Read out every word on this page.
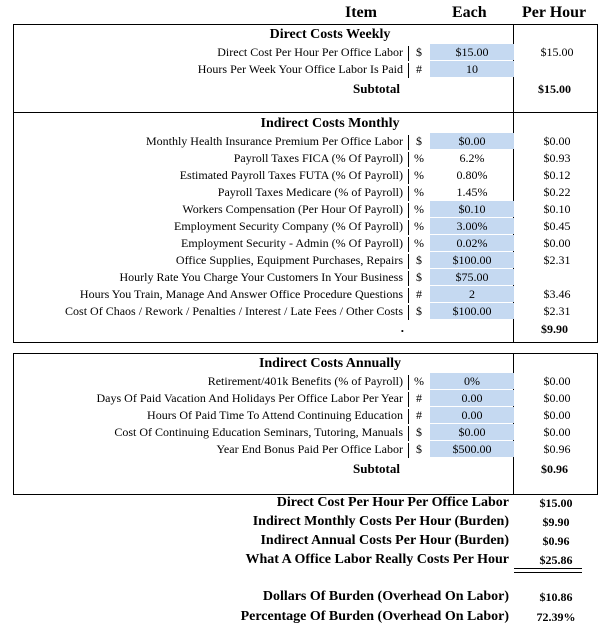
Item	Each Per Hour
Direct Costs Weekly
Direct Cost Per Hour Per Office Labor	$	$15.00	$15.00
Hours Per Week Your Office Labor Is Paid	#	10
Subtotal	$15.00
Indirect Costs Monthly
Monthly Health Insurance Premium Per Office Labor	$	$0.00	$0.00
Payroll Taxes FICA (% Of Payroll) %	6.2%	$0.93
Estimated Payroll Taxes FUTA (% Of Payroll) %	0.80%	$0.12
Payroll Taxes Medicare (% of Payroll) %	1.45%	$0.22
Workers Compensation (Per Hour Of Payroll) %	$0.10	$0.10
Employment Security Company (% Of Payroll) %	3.00%	$0.45
Employment Security - Admin (% Of Payroll) %	0.02%	$0.00
Office Supplies, Equipment Purchases, Repairs	$	$100.00	$2.31
Hourly Rate You Charge Your Customers In Your Business	$	$75.00
Hours You Train, Manage And Answer Office Procedure Questions	#	2	$3.46
Cost Of Chaos / Rework / Penalties / Interest / Late Fees / Other Costs	$	$100.00	$2.31
.	$9.90
Indirect Costs Annually
Retirement/401k Benefits (% of Payroll) %	0%	$0.00
Days Of Paid Vacation And Holidays Per Office Labor Per Year	#	0.00	$0.00
Hours Of Paid Time To Attend Continuing Education	#	0.00	$0.00
Cost Of Continuing Education Seminars, Tutoring, Manuals	$	$0.00	$0.00
Year End Bonus Paid Per Office Labor	$	$500.00	$0.96
Subtotal	$0.96
Direct Cost Per Hour Per Office Labor	$15.00
Indirect Monthly Costs Per Hour (Burden)	$9.90
Indirect Annual Costs Per Hour (Burden)	$0.96
What A Office Labor Really Costs Per Hour	$25.86
Dollars Of Burden (Overhead On Labor)	$10.86
Percentage Of Burden (Overhead On Labor)	72.39%
